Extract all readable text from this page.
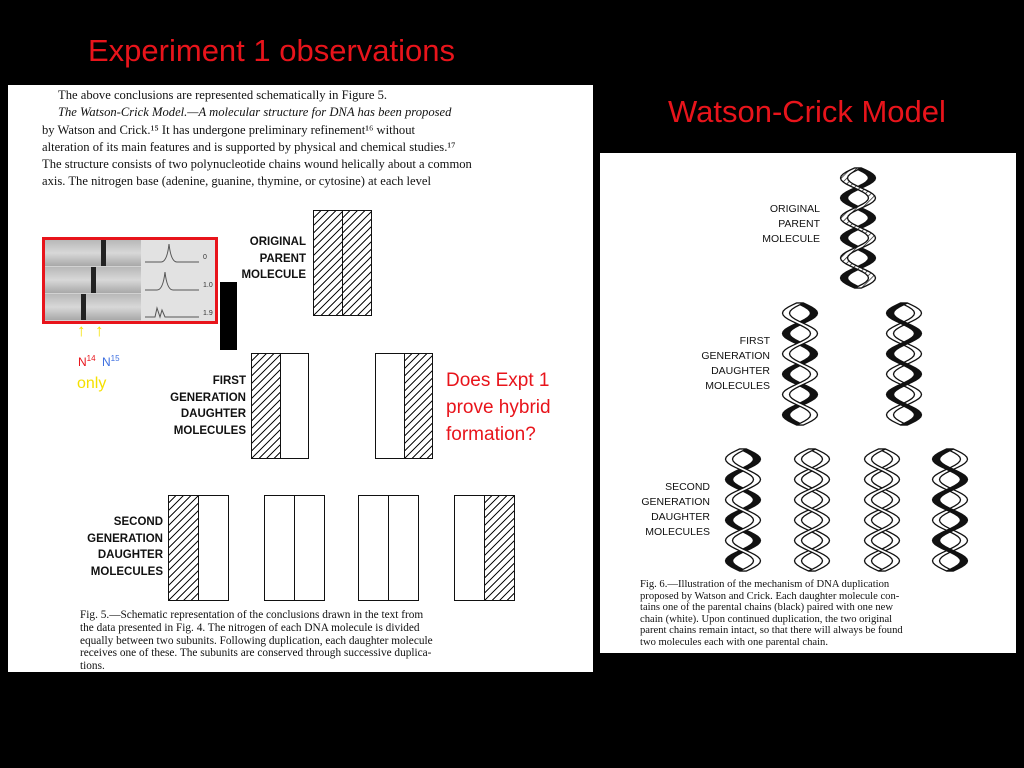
Experiment 1 observations
Watson-Crick Model
The above conclusions are represented schematically in Figure 5.
The Watson-Crick Model.—A molecular structure for DNA has been proposed
by Watson and Crick.¹⁵ It has undergone preliminary refinement¹⁶ without
alteration of its main features and is supported by physical and chemical studies.¹⁷
The structure consists of two polynucleotide chains wound helically about a common
axis. The nitrogen base (adenine, guanine, thymine, or cytosine) at each level
ORIGINAL
PARENT
MOLECULE
FIRST
GENERATION
DAUGHTER
MOLECULES
SECOND
GENERATION
DAUGHTER
MOLECULES
Fig. 5.—Schematic representation of the conclusions drawn in the text from
the data presented in Fig. 4. The nitrogen of each DNA molecule is divided
equally between two subunits. Following duplication, each daughter molecule
receives one of these. The subunits are conserved through successive duplica-
tions.
0
1.0
1.9
↑ ↑
$N^{14}$ $N^{15}$
only	Does Expt 1
prove hybrid
formation?
ORIGINAL
PARENT
MOLECULE
FIRST
GENERATION
DAUGHTER
MOLECULES
SECOND
GENERATION
DAUGHTER
MOLECULES
Fig. 6.—Illustration of the mechanism of DNA duplication
proposed by Watson and Crick. Each daughter molecule con-
tains one of the parental chains (black) paired with one new
chain (white). Upon continued duplication, the two original
parent chains remain intact, so that there will always be found
two molecules each with one parental chain.
